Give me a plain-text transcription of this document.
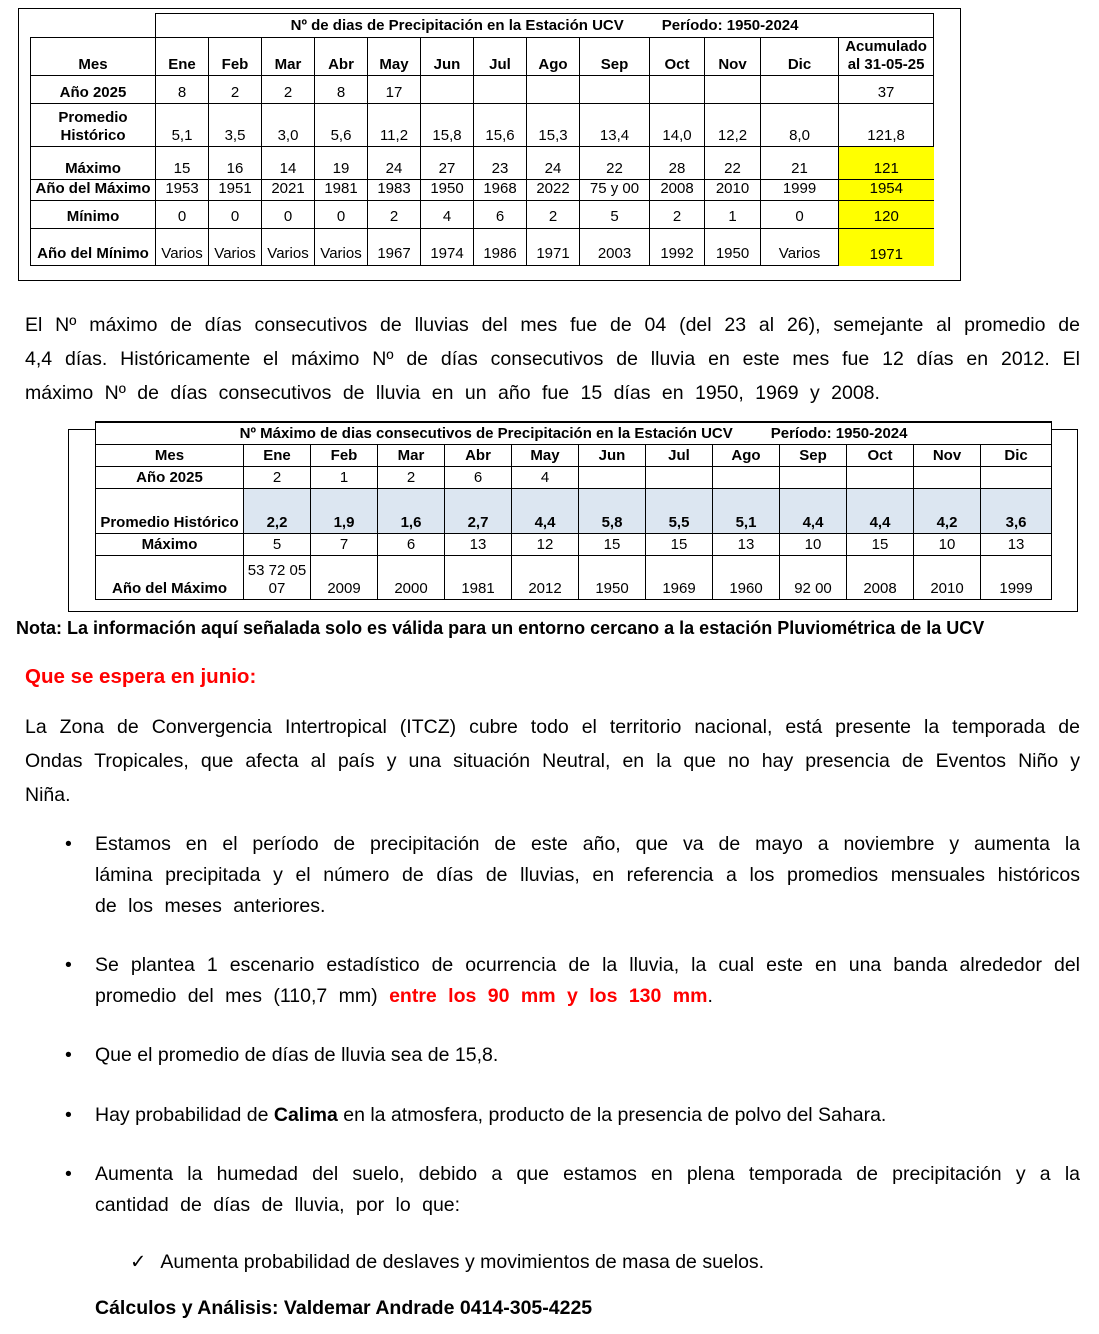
	Nº de dias de Precipitación en la Estación UCV Período: 1950-2024												
Mes	Ene	Feb	Mar	Abr	May	Jun	Jul	Ago	Sep	Oct	Nov	Dic	Acumulado
al 31-05-25
Año 2025	8	2	2	8	17								37
Promedio Histórico	5,1	3,5	3,0	5,6	11,2	15,8	15,6	15,3	13,4	14,0	12,2	8,0	121,8
Máximo	15	16	14	19	24	27	23	24	22	28	22	21	121
Año del Máximo	1953	1951	2021	1981	1983	1950	1968	2022	75 y 00	2008	2010	1999	1954
Mínimo	0	0	0	0	2	4	6	2	5	2	1	0	120
Año del Mínimo	Varios	Varios	Varios	Varios	1967	1974	1986	1971	2003	1992	1950	Varios	1971

El Nº máximo de días consecutivos de lluvias del mes fue de 04 (del 23 al 26), semejante al promedio de 4,4 días. Históricamente el máximo Nº de días consecutivos de lluvia en este mes fue 12 días en 2012. El máximo Nº de días consecutivos de lluvia en un año fue 15 días en 1950, 1969 y 2008.

Nº Máximo de dias consecutivos de Precipitación en la Estación UCV Período: 1950-2024												
Mes	Ene	Feb	Mar	Abr	May	Jun	Jul	Ago	Sep	Oct	Nov	Dic
Año 2025	2	1	2	6	4							
Promedio Histórico	2,2	1,9	1,6	2,7	4,4	5,8	5,5	5,1	4,4	4,4	4,2	3,6
Máximo	5	7	6	13	12	15	15	13	10	15	10	13
Año del Máximo	53 72 05 07	2009	2000	1981	2012	1950	1969	1960	92 00	2008	2010	1999

Nota: La información aquí señalada solo es válida para un entorno cercano a la estación Pluviométrica de la UCV

Que se espera en junio:

La Zona de Convergencia Intertropical (ITCZ) cubre todo el territorio nacional, está presente la temporada de Ondas Tropicales, que afecta al país y una situación Neutral, en la que no hay presencia de Eventos Niño y Niña.

• Estamos en el período de precipitación de este año, que va de mayo a noviembre y aumenta la lámina precipitada y el número de días de lluvias, en referencia a los promedios mensuales históricos de los meses anteriores.
• Se plantea 1 escenario estadístico de ocurrencia de la lluvia, la cual este en una banda alrededor del promedio del mes (110,7 mm) entre los 90 mm y los 130 mm.
• Que el promedio de días de lluvia sea de 15,8.
• Hay probabilidad de Calima en la atmosfera, producto de la presencia de polvo del Sahara.
• Aumenta la humedad del suelo, debido a que estamos en plena temporada de precipitación y a la cantidad de días de lluvia, por lo que:

✓ Aumenta probabilidad de deslaves y movimientos de masa de suelos.

Cálculos y Análisis: Valdemar Andrade 0414-305-4225
